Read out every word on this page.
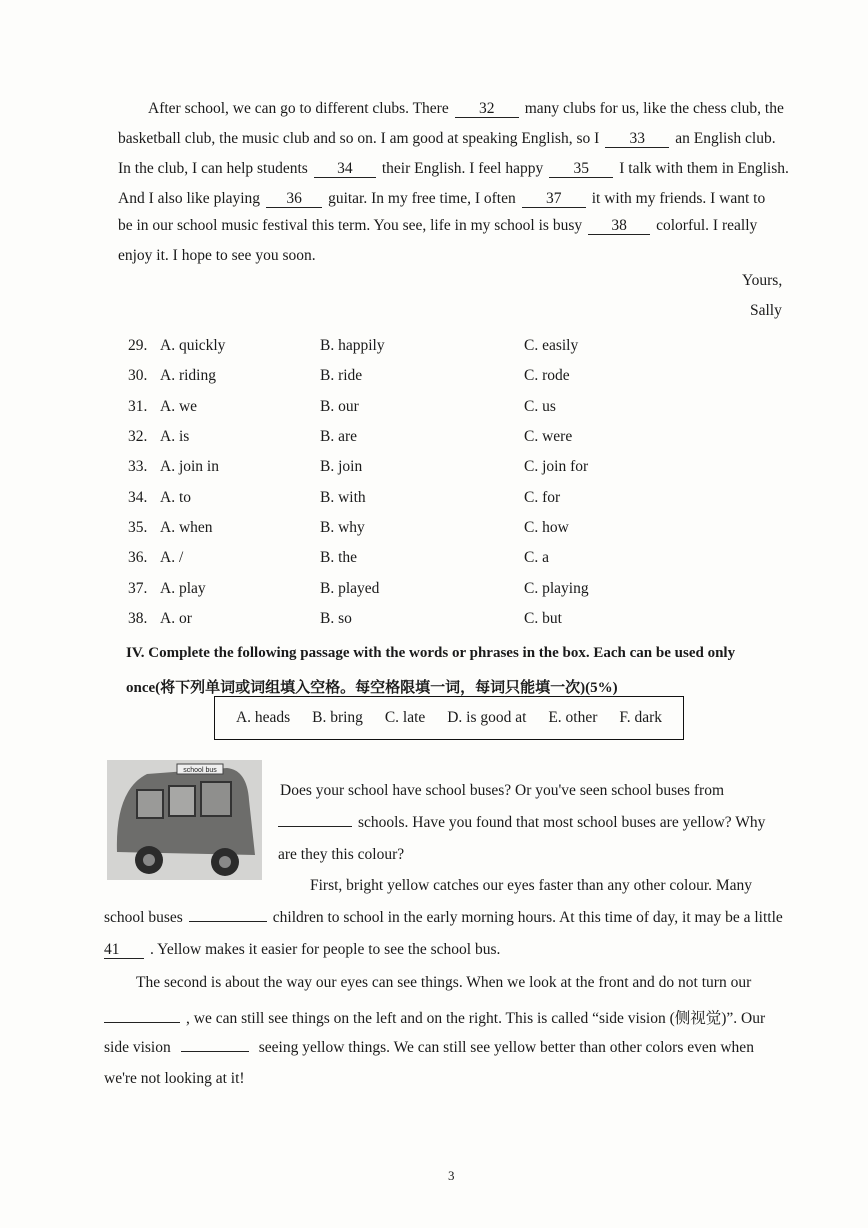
After school, we can go to different clubs. There 32 many clubs for us, like the chess club, the
basketball club, the music club and so on. I am good at speaking English, so I 33 an English club.
In the club, I can help students 34 their English. I feel happy 35 I talk with them in English.
And I also like playing 36 guitar. In my free time, I often 37 it with my friends. I want to
be in our school music festival this term. You see, life in my school is busy 38 colorful. I really
enjoy it. I hope to see you soon.
Yours,
Sally
29. A. quickly	B. happily	C. easily
30. A. riding	B. ride	C. rode
31. A. we	B. our	C. us
32. A. is	B. are	C. were
33. A. join in	B. join	C. join for
34. A. to	B. with	C. for
35. A. when	B. why	C. how
36. A. /	B. the	C. a
37. A. play	B. played	C. playing
38. A. or	B. so	C. but
IV. Complete the following passage with the words or phrases in the box. Each can be used only
once(将下列单词或词组填入空格。每空格限填一词，每词只能填一次)(5%)
A. heads B. bring C. late D. is good at E. other F. dark
school bus
Does your school have school buses? Or you've seen school buses from
schools. Have you found that most school buses are yellow? Why
are they this colour?
First, bright yellow catches our eyes faster than any other colour. Many
school buses	children to school in the early morning hours. At this time of day, it may be a little
41 . Yellow makes it easier for people to see the school bus.
The second is about the way our eyes can see things. When we look at the front and do not turn our
, we can still see things on the left and on the right. This is called “side vision (侧视觉)”. Our
side vision	seeing yellow things. We can still see yellow better than other colors even when
we're not looking at it!
3
